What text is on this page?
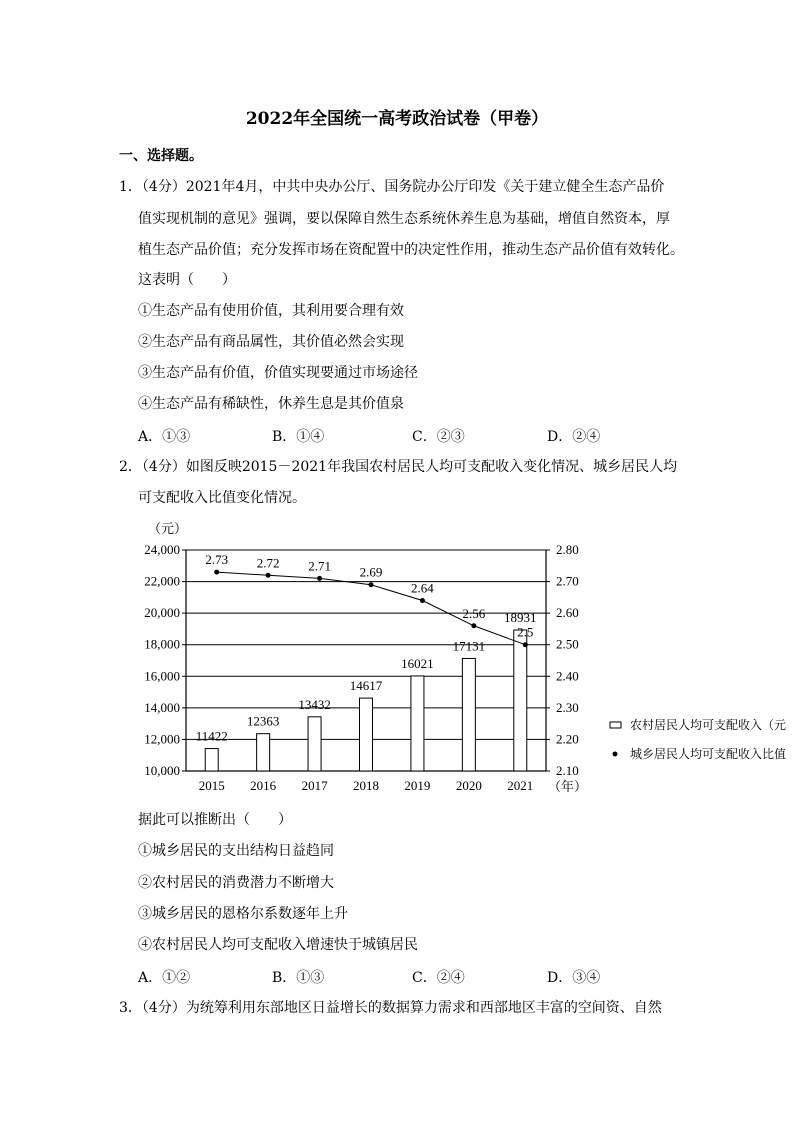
2022年全国统一高考政治试卷（甲卷）
一、选择题。
1．（4分）2021年4月，中共中央办公厅、国务院办公厅印发《关于建立健全生态产品价
值实现机制的意见》强调，要以保障自然生态系统休养生息为基础，增值自然资本，厚
植生态产品价值；充分发挥市场在资配置中的决定性作用，推动生态产品价值有效转化。
这表明（　　）
①生态产品有使用价值，其利用要合理有效
②生态产品有商品属性，其价值必然会实现
③生态产品有价值，价值实现要通过市场途径
④生态产品有稀缺性，休养生息是其价值泉
A．①③	B．①④	C．②③	D．②④
2．（4分）如图反映2015－2021年我国农村居民人均可支配收入变化情况、城乡居民人均
可支配收入比值变化情况。
10,000
12,000
14,000
16,000
18,000
20,000
22,000
24,000
2.10
2.20
2.30
2.40
2.50
2.60
2.70
2.80
（元）
（年）
11422
12363
13432
14617
16021
17131
18931
2015 2016 2017 2018 2019 2020 2021
2.73 2.72 2.71 2.69
2.64
2.56
2.5
农村居民人均可支配收入（元
城乡居民人均可支配收入比值
据此可以推断出（　　）
①城乡居民的支出结构日益趋同
②农村居民的消费潜力不断增大
③城乡居民的恩格尔系数逐年上升
④农村居民人均可支配收入增速快于城镇居民
A．①②	B．①③	C．②④	D．③④
3．（4分）为统筹利用东部地区日益增长的数据算力需求和西部地区丰富的空间资、自然
